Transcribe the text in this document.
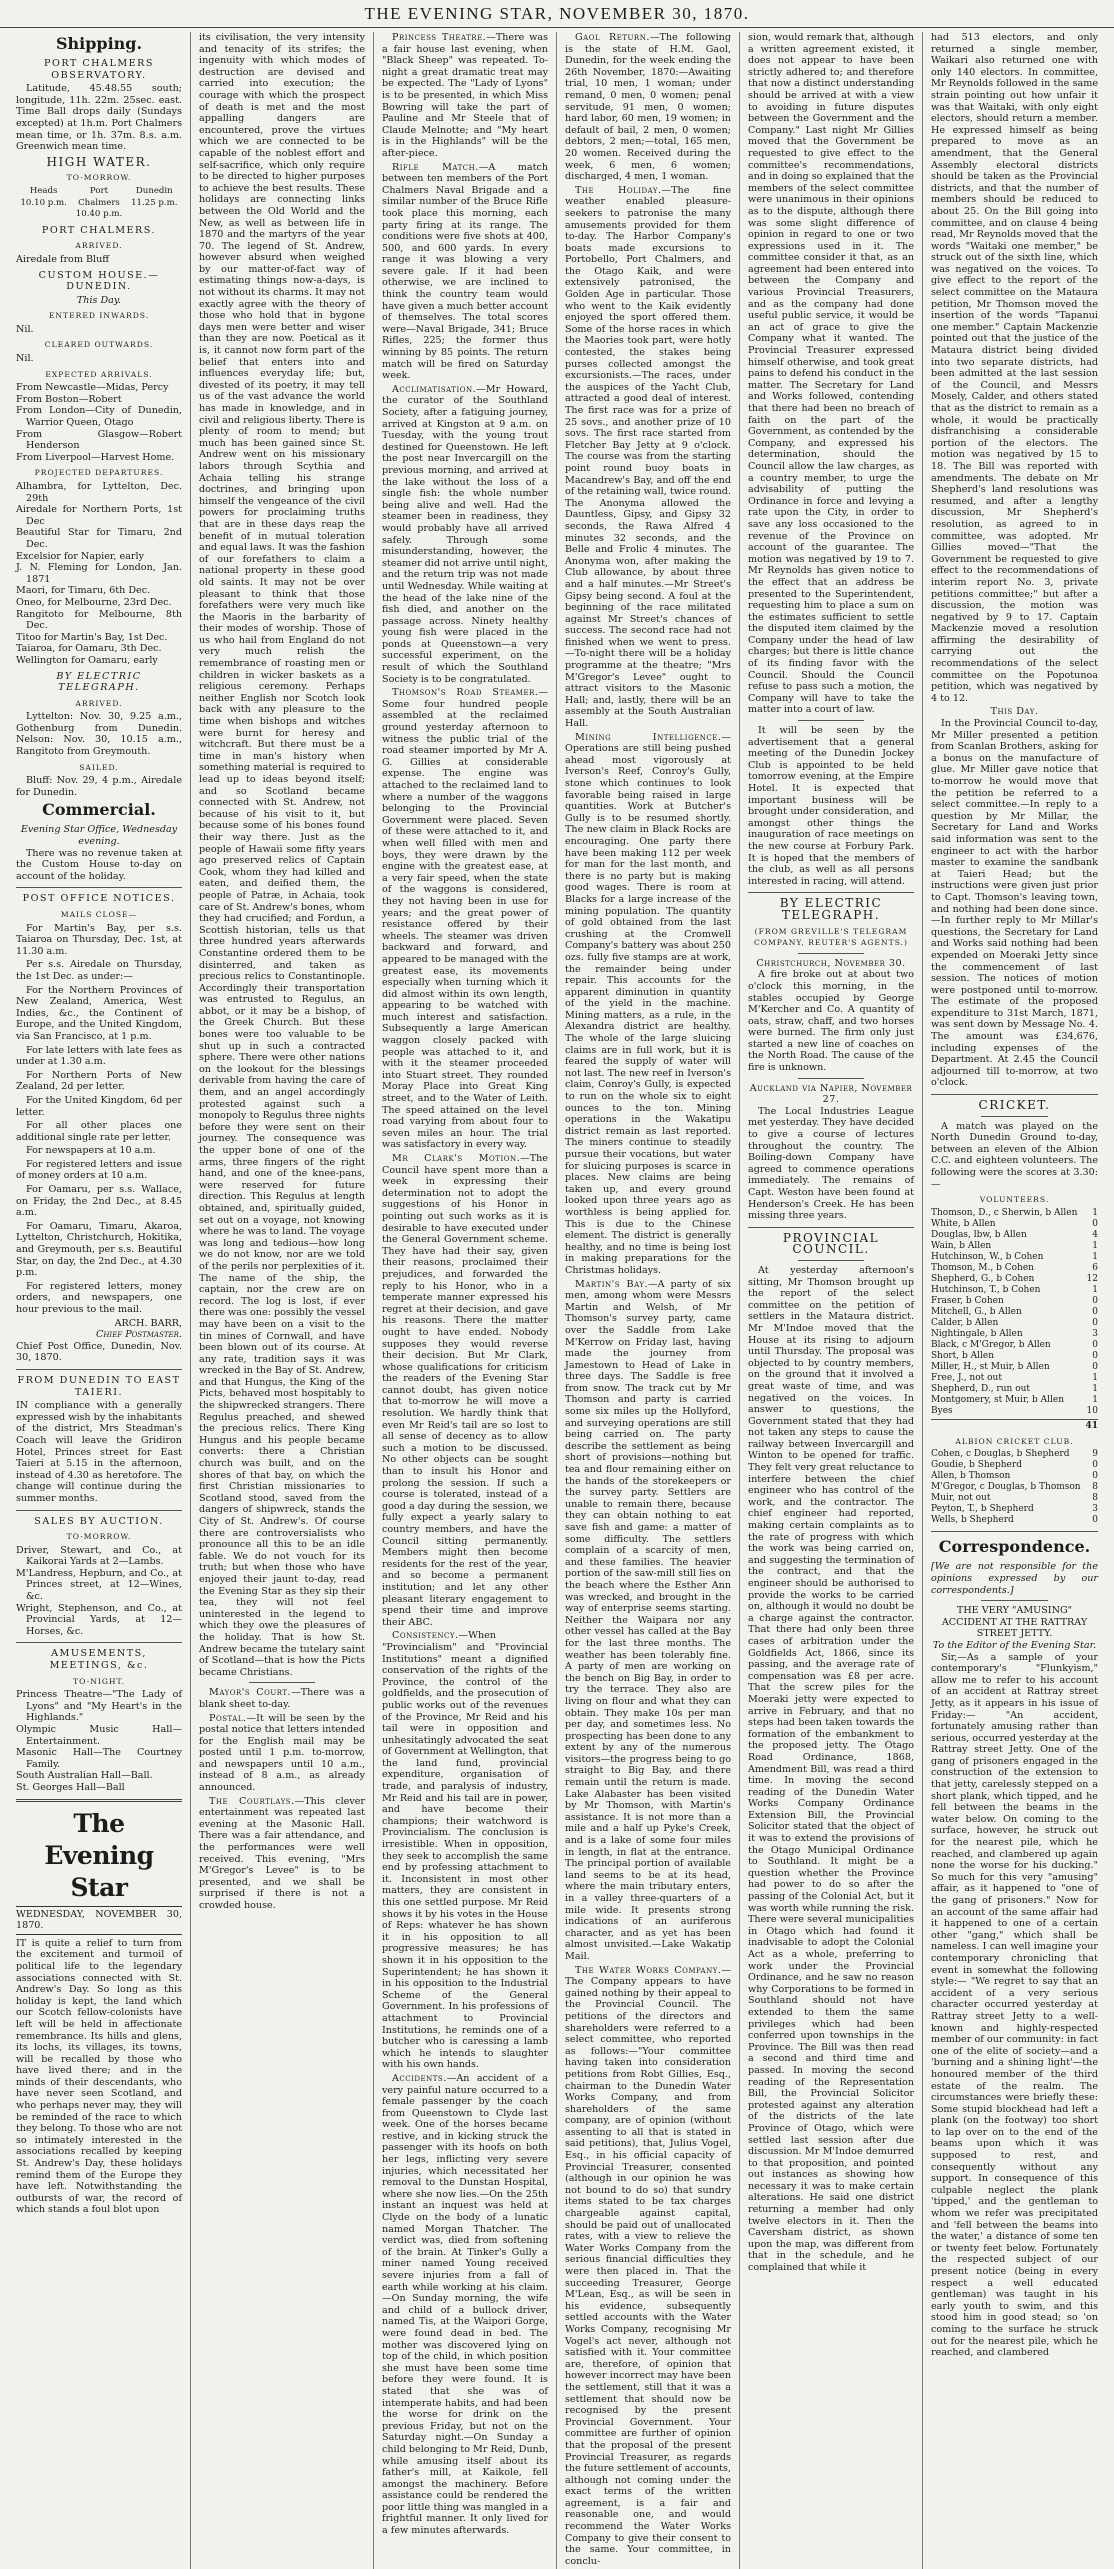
THE EVENING STAR, NOVEMBER 30, 1870.
Shipping.
PORT CHALMERS OBSERVATORY.

Latitude, 45.48.55 south; longitude, 11h. 22m. 25sec. east. Time Ball drops daily (Sundays excepted) at 1h.m. Port Chalmers mean time, or 1h. 37m. 8.s. a.m. Greenwich mean time.

HIGH WATER.
TO-MORROW.
Heads
10.10 p.m.
Port Chalmers
10.40 p.m.
Dunedin
11.25 p.m.
PORT CHALMERS.
ARRIVED.

Airedale from Bluff

CUSTOM HOUSE.—DUNEDIN.
This Day.
ENTERED INWARDS.

Nil.

CLEARED OUTWARDS.

Nil.

EXPECTED ARRIVALS.
From Newcastle—Midas, Percy
From Boston—Robert
From London—City of Dunedin, Warrior Queen, Otago
From Glasgow—Robert Henderson
From Liverpool—Harvest Home.
PROJECTED DEPARTURES.
Alhambra, for Lyttelton, Dec. 29th
Airedale for Northern Ports, 1st Dec
Beautiful Star for Timaru, 2nd Dec.
Excelsior for Napier, early
J. N. Fleming for London, Jan. 1871
Maori, for Timaru, 6th Dec.
Oneo, for Melbourne, 23rd Dec.
Rangitoto for Melbourne, 8th Dec.
Titoo for Martin's Bay, 1st Dec.
Taiaroa, for Oamaru, 3th Dec.
Wellington for Oamaru, early
BY ELECTRIC TELEGRAPH.
ARRIVED.

Lyttelton: Nov. 30, 9.25 a.m., Gothenburg from Dunedin. Nelson: Nov. 30, 10.15 a.m., Rangitoto from Greymouth.

SAILED.

Bluff: Nov. 29, 4 p.m., Airedale for Dunedin.

Commercial.
Evening Star Office, Wednesday evening.

There was no revenue taken at the Custom House to-day on account of the holiday.

POST OFFICE NOTICES.
MAILS CLOSE—

For Martin's Bay, per s.s. Taiaroa on Thursday, Dec. 1st, at 11.30 a.m.

Per s.s. Airedale on Thursday, the 1st Dec. as under:—

For the Northern Provinces of New Zealand, America, West Indies, &c., the Continent of Europe, and the United Kingdom, via San Francisco, at 1 p.m.

For late letters with late fees as under at 1.30 a.m.

For Northern Ports of New Zealand, 2d per letter.

For the United Kingdom, 6d per letter.

For all other places one additional single rate per letter.

For newspapers at 10 a.m.

For registered letters and issue of money orders at 10 a.m.

For Oamaru, per s.s. Wallace, on Friday, the 2nd Dec., at 8.45 a.m.

For Oamaru, Timaru, Akaroa, Lyttelton, Christchurch, Hokitika, and Greymouth, per s.s. Beautiful Star, on day, the 2nd Dec., at 4.30 p.m.

For registered letters, money orders, and newspapers, one hour previous to the mail.

ARCH. BARR,
Chief Postmaster.

Chief Post Office, Dunedin, Nov. 30, 1870.

FROM DUNEDIN TO EAST TAIERI.

IN compliance with a generally expressed wish by the inhabitants of the district, Mrs Steadman's Coach will leave the Gridiron Hotel, Princes street for East Taieri at 5.15 in the afternoon, instead of 4.30 as heretofore. The change will continue during the summer months.

SALES BY AUCTION.
TO-MORROW.
Driver, Stewart, and Co., at Kaikorai Yards at 2—Lambs.
M'Landress, Hepburn, and Co., at Princes street, at 12—Wines, &c.
Wright, Stephenson, and Co., at Provincial Yards, at 12—Horses, &c.
AMUSEMENTS, MEETINGS, &c.
TO-NIGHT.
Princess Theatre—"The Lady of Lyons" and "My Heart's in the Highlands."
Olympic Music Hall—Entertainment.
Masonic Hall—The Courtney Family.
South Australian Hall—Ball.
St. Georges Hall—Ball
The Evening Star
WEDNESDAY, NOVEMBER 30, 1870.

IT is quite a relief to turn from the excitement and turmoil of political life to the legendary associations connected with St. Andrew's Day. So long as this holiday is kept, the land which our Scotch fellow-colonists have left will be held in affectionate remembrance. Its hills and glens, its lochs, its villages, its towns, will be recalled by those who have lived there; and in the minds of their descendants, who have never seen Scotland, and who perhaps never may, they will be reminded of the race to which they belong. To those who are not so intimately interested in the associations recalled by keeping St. Andrew's Day, these holidays remind them of the Europe they have left. Notwithstanding the outbursts of war, the record of which stands a foul blot upon

its civilisation, the very intensity and tenacity of its strifes; the ingenuity with which modes of destruction are devised and carried into execution; the courage with which the prospect of death is met and the most appalling dangers are encountered, prove the virtues which we are connected to be capable of the noblest effort and self-sacrifice, which only require to be directed to higher purposes to achieve the best results. These holidays are connecting links between the Old World and the New, as well as between life in 1870 and the martyrs of the year 70. The legend of St. Andrew, however absurd when weighed by our matter-of-fact way of estimating things now-a-days, is not without its charms. It may not exactly agree with the theory of those who hold that in bygone days men were better and wiser than they are now. Poetical as it is, it cannot now form part of the belief that enters into and influences everyday life; but, divested of its poetry, it may tell us of the vast advance the world has made in knowledge, and in civil and religious liberty. There is plenty of room to mend; but much has been gained since St. Andrew went on his missionary labors through Scythia and Achaia telling his strange doctrines, and bringing upon himself the vengeance of the civil powers for proclaiming truths that are in these days reap the benefit of in mutual toleration and equal laws. It was the fashion of our forefathers to claim a national property in these good old saints. It may not be over pleasant to think that those forefathers were very much like the Maoris in the barbarity of their modes of worship. Those of us who hail from England do not very much relish the remembrance of roasting men or children in wicker baskets as a religious ceremony. Perhaps neither English nor Scotch look back with any pleasure to the time when bishops and witches were burnt for heresy and witchcraft. But there must be a time in man's history when something material is required to lead up to ideas beyond itself; and so Scotland became connected with St. Andrew, not because of his visit to it, but because some of his bones found their way there. Just as the people of Hawaii some fifty years ago preserved relics of Captain Cook, whom they had killed and eaten, and deified them, the people of Patræ, in Achaia, took care of St. Andrew's bones, whom they had crucified; and Fordun, a Scottish historian, tells us that three hundred years afterwards Constantine ordered them to be disinterred, and taken as precious relics to Constantinople. Accordingly their transportation was entrusted to Regulus, an abbot, or it may be a bishop, of the Greek Church. But these bones were too valuable to be shut up in such a contracted sphere. There were other nations on the lookout for the blessings derivable from having the care of them, and an angel accordingly protested against such a monopoly to Regulus three nights before they were sent on their journey. The consequence was the upper bone of one of the arms, three fingers of the right hand, and one of the knee-pans, were reserved for future direction. This Regulus at length obtained, and, spiritually guided, set out on a voyage, not knowing where he was to land. The voyage was long and tedious—how long we do not know, nor are we told of the perils nor perplexities of it. The name of the ship, the captain, nor the crew are on record. The log is lost, if ever there was one: possibly the vessel may have been on a visit to the tin mines of Cornwall, and have been blown out of its course. At any rate, tradition says it was wrecked in the Bay of St. Andrew, and that Hungus, the King of the Picts, behaved most hospitably to the shipwrecked strangers. There Regulus preached, and shewed the precious relics. There King Hungus and his people became converts: there a Christian church was built, and on the shores of that bay, on which the first Christian missionaries to Scotland stood, saved from the dangers of shipwreck, stands the City of St. Andrew's. Of course there are controversialists who pronounce all this to be an idle fable. We do not vouch for its truth; but when those who have enjoyed their jaunt to-day, read the Evening Star as they sip their tea, they will not feel uninterested in the legend to which they owe the pleasures of the holiday. That is how St. Andrew became the tutelary saint of Scotland—that is how the Picts became Christians.

Mayor's Court.—There was a blank sheet to-day.

Postal.—It will be seen by the postal notice that letters intended for the English mail may be posted until 1 p.m. to-morrow, and newspapers until 10 a.m., instead of 8 a.m., as already announced.

The Courtlays.—This clever entertainment was repeated last evening at the Masonic Hall. There was a fair attendance, and the performances were well received. This evening, "Mrs M'Gregor's Levee" is to be presented, and we shall be surprised if there is not a crowded house.

Princess Theatre.—There was a fair house last evening, when "Black Sheep" was repeated. To-night a great dramatic treat may be expected. The "Lady of Lyons" is to be presented, in which Miss Bowring will take the part of Pauline and Mr Steele that of Claude Melnotte; and "My heart is in the Highlands" will be the after-piece.

Rifle Match.—A match between ten members of the Port Chalmers Naval Brigade and a similar number of the Bruce Rifle took place this morning, each party firing at its range. The conditions were five shots at 400, 500, and 600 yards. In every range it was blowing a very severe gale. If it had been otherwise, we are inclined to think the country team would have given a much better account of themselves. The total scores were—Naval Brigade, 341; Bruce Rifles, 225; the former thus winning by 85 points. The return match will be fired on Saturday week.

Acclimatisation.—Mr Howard, the curator of the Southland Society, after a fatiguing journey, arrived at Kingston at 9 a.m. on Tuesday, with the young trout destined for Queenstown. He left the post near Invercargill on the previous morning, and arrived at the lake without the loss of a single fish: the whole number being alive and well. Had the steamer been in readiness, they would probably have all arrived safely. Through some misunderstanding, however, the steamer did not arrive until night, and the return trip was not made until Wednesday. While waiting at the head of the lake nine of the fish died, and another on the passage across. Ninety healthy young fish were placed in the ponds at Queenstown—a very successful experiment, on the result of which the Southland Society is to be congratulated.

Thomson's Road Steamer.—Some four hundred people assembled at the reclaimed ground yesterday afternoon to witness the public trial of the road steamer imported by Mr A. G. Gillies at considerable expense. The engine was attached to the reclaimed land to where a number of the waggons belonging to the Provincial Government were placed. Seven of these were attached to it, and when well filled with men and boys, they were drawn by the engine with the greatest ease, at a very fair speed, when the state of the waggons is considered, they not having been in use for years; and the great power of resistance offered by their wheels. The steamer was driven backward and forward, and appeared to be managed with the greatest ease, its movements especially when turning which it did almost within its own length, appearing to be watched with much interest and satisfaction. Subsequently a large American waggon closely packed with people was attached to it, and with it the steamer proceeded into Stuart street. They rounded Moray Place into Great King street, and to the Water of Leith. The speed attained on the level road varying from about four to seven miles an hour. The trial was satisfactory in every way.

Mr Clark's Motion.—The Council have spent more than a week in expressing their determination not to adopt the suggestions of his Honor in pointing out such works as it is desirable to have executed under the General Government scheme. They have had their say, given their reasons, proclaimed their prejudices, and forwarded the reply to his Honor, who in a temperate manner expressed his regret at their decision, and gave his reasons. There the matter ought to have ended. Nobody supposes they would reverse their decision. But Mr Clark, whose qualifications for criticism the readers of the Evening Star cannot doubt, has given notice that to-morrow he will move a resolution. We hardly think that even Mr Reid's tail are so lost to all sense of decency as to allow such a motion to be discussed. No other objects can be sought than to insult his Honor and prolong the session. If such a course is tolerated, instead of a good a day during the session, we fully expect a yearly salary to country members, and have the Council sitting permanently. Members might then become residents for the rest of the year, and so become a permanent institution; and let any other pleasant literary engagement to spend their time and improve their ABC.

Consistency.—When "Provincialism" and "Provincial Institutions" meant a dignified conservation of the rights of the Province, the control of the goldfields, and the prosecution of public works out of the revenues of the Province, Mr Reid and his tail were in opposition and unhesitatingly advocated the seat of Government at Wellington, that the land fund, provincial expenditure, organisation of trade, and paralysis of industry, Mr Reid and his tail are in power, and have become their champions; their watchword is Provincialism. The conclusion is irresistible. When in opposition, they seek to accomplish the same end by professing attachment to it. Inconsistent in most other matters, they are consistent in this one settled purpose. Mr Reid shows it by his votes in the House of Reps: whatever he has shown it in his opposition to all progressive measures; he has shown it in his opposition to the Superintendent; he has shown it in his opposition to the Industrial Scheme of the General Government. In his professions of attachment to Provincial Institutions, he reminds one of a butcher who is caressing a lamb which he intends to slaughter with his own hands.

Accidents.—An accident of a very painful nature occurred to a female passenger by the coach from Queenstown to Clyde last week. One of the horses became restive, and in kicking struck the passenger with its hoofs on both her legs, inflicting very severe injuries, which necessitated her removal to the Dunstan Hospital, where she now lies.—On the 25th instant an inquest was held at Clyde on the body of a lunatic named Morgan Thatcher. The verdict was, died from softening of the brain. At Tinker's Gully a miner named Young received severe injuries from a fall of earth while working at his claim.—On Sunday morning, the wife and child of a bullock driver, named Tis, at the Waipori Gorge, were found dead in bed. The mother was discovered lying on top of the child, in which position she must have been some time before they were found. It is stated that she was of intemperate habits, and had been the worse for drink on the previous Friday, but not on the Saturday night.—On Sunday a child belonging to Mr Reid, Dunb, while amusing itself about its father's mill, at Kaikole, fell amongst the machinery. Before assistance could be rendered the poor little thing was mangled in a frightful manner. It only lived for a few minutes afterwards.

Gaol Return.—The following is the state of H.M. Gaol, Dunedin, for the week ending the 26th November, 1870:—Awaiting trial, 10 men, 1 woman; under remand, 0 men, 0 women; penal servitude, 91 men, 0 women; hard labor, 60 men, 19 women; in default of bail, 2 men, 0 women; debtors, 2 men;—total, 165 men, 20 women. Received during the week, 6 men, 6 women; discharged, 4 men, 1 woman.

The Holiday.—The fine weather enabled pleasure-seekers to patronise the many amusements provided for them to-day. The Harbor Company's boats made excursions to Portobello, Port Chalmers, and the Otago Kaik, and were extensively patronised, the Golden Age in particular. Those who went to the Kaik evidently enjoyed the sport offered them. Some of the horse races in which the Maories took part, were hotly contested, the stakes being purses collected amongst the excursionists.—The races, under the auspices of the Yacht Club, attracted a good deal of interest. The first race was for a prize of 25 sovs., and another prize of 10 sovs. The first race started from Fletcher Bay Jetty at 9 o'clock. The course was from the starting point round buoy boats in Macandrew's Bay, and off the end of the retaining wall, twice round. The Anonyma allowed the Dauntless, Gipsy, and Gipsy 32 seconds, the Rawa Alfred 4 minutes 32 seconds, and the Belle and Frolic 4 minutes. The Anonyma won, after making the Club allowance, by about three and a half minutes.—Mr Street's Gipsy being second. A foul at the beginning of the race militated against Mr Street's chances of success. The second race had not finished when we went to press.—To-night there will be a holiday programme at the theatre; "Mrs M'Gregor's Levee" ought to attract visitors to the Masonic Hall; and, lastly, there will be an assembly at the South Australian Hall.

Mining Intelligence.—Operations are still being pushed ahead most vigorously at Iverson's Reef, Conroy's Gully, stone which continues to look favorable being raised in large quantities. Work at Butcher's Gully is to be resumed shortly. The new claim in Black Rocks are encouraging. One party there have been making 112 per week for man for the last month, and there is no party but is making good wages. There is room at Blacks for a large increase of the mining population. The quantity of gold obtained from the last crushing at the Cromwell Company's battery was about 250 ozs. fully five stamps are at work, the remainder being under repair. This accounts for the apparent diminution in quantity of the yield in the machine. Mining matters, as a rule, in the Alexandra district are healthy. The whole of the large sluicing claims are in full work, but it is feared the supply of water will not last. The new reef in Iverson's claim, Conroy's Gully, is expected to run on the whole six to eight ounces to the ton. Mining operations in the Wakatipu district remain as last reported. The miners continue to steadily pursue their vocations, but water for sluicing purposes is scarce in places. New claims are being taken up, and every ground looked upon three years ago as worthless is being applied for. This is due to the Chinese element. The district is generally healthy, and no time is being lost in making preparations for the Christmas holidays.

Martin's Bay.—A party of six men, among whom were Messrs Martin and Welsh, of Mr Thomson's survey party, came over the Saddle from Lake M'Kerrow on Friday last, having made the journey from Jamestown to Head of Lake in three days. The Saddle is free from snow. The track cut by Mr Thomson and party is carried some six miles up the Hollyford, and surveying operations are still being carried on. The party describe the settlement as being short of provisions—nothing but tea and flour remaining either on the hands of the storekeepers or the survey party. Settlers are unable to remain there, because they can obtain nothing to eat save fish and game: a matter of some difficulty. The settlers complain of a scarcity of men, and these families. The heavier portion of the saw-mill still lies on the beach where the Esther Ann was wrecked, and brought in the way of enterprise seems starting. Neither the Waipara nor any other vessel has called at the Bay for the last three months. The weather has been tolerably fine. A party of men are working on the bench on Big Bay, in order to try the terrace. They also are living on flour and what they can obtain. They make 10s per man per day, and sometimes less. No prospecting has been done to any extent by any of the numerous visitors—the progress being to go straight to Big Bay, and there remain until the return is made. Lake Alabaster has been visited by Mr Thomson, with Martin's assistance. It is not more than a mile and a half up Pyke's Creek, and is a lake of some four miles in length, in flat at the entrance. The principal portion of available land seems to be at its head, where the main tributary enters, in a valley three-quarters of a mile wide. It presents strong indications of an auriferous character, and as yet has been almost unvisited.—Lake Wakatip Mail.

The Water Works Company.—The Company appears to have gained nothing by their appeal to the Provincial Council. The petitions of the directors and shareholders were referred to a select committee, who reported as follows:—"Your committee having taken into consideration petitions from Robt Gillies, Esq., chairman to the Dunedin Water Works Company, and from shareholders of the same company, are of opinion (without assenting to all that is stated in said petitions), that, Julius Vogel, Esq., in his official capacity of Provincial Treasurer, consented (although in our opinion he was not bound to do so) that sundry items stated to be tax charges chargeable against capital, should be paid out of unallocated rates, with a view to relieve the Water Works Company from the serious financial difficulties they were then placed in. That the succeeding Treasurer, George M'Lean, Esq., as will be seen in his evidence, subsequently settled accounts with the Water Works Company, recognising Mr Vogel's act never, although not satisfied with it. Your committee are, therefore, of opinion that however incorrect may have been the settlement, still that it was a settlement that should now be recognised by the present Provincial Government. Your committee are further of opinion that the proposal of the present Provincial Treasurer, as regards the future settlement of accounts, although not coming under the exact terms of the written agreement, is a fair and reasonable one, and would recommend the Water Works Company to give their consent to the same. Your committee, in conclu-

sion, would remark that, although a written agreement existed, it does not appear to have been strictly adhered to; and therefore that now a distinct understanding should be arrived at with a view to avoiding in future disputes between the Government and the Company." Last night Mr Gillies moved that the Government be requested to give effect to the committee's recommendations, and in doing so explained that the members of the select committee were unanimous in their opinions as to the dispute, although there was some slight difference of opinion in regard to one or two expressions used in it. The committee consider it that, as an agreement had been entered into between the Company and various Provincial Treasurers, and as the company had done useful public service, it would be an act of grace to give the Company what it wanted. The Provincial Treasurer expressed himself otherwise, and took great pains to defend his conduct in the matter. The Secretary for Land and Works followed, contending that there had been no breach of faith on the part of the Government, as contended by the Company, and expressed his determination, should the Council allow the law charges, as a country member, to urge the advisability of putting the Ordinance in force and levying a rate upon the City, in order to save any loss occasioned to the revenue of the Province on account of the guarantee. The motion was negatived by 19 to 7. Mr Reynolds has given notice to the effect that an address be presented to the Superintendent, requesting him to place a sum on the estimates sufficient to settle the disputed item claimed by the Company under the head of law charges; but there is little chance of its finding favor with the Council. Should the Council refuse to pass such a motion, the Company will have to take the matter into a court of law.

It will be seen by the advertisement that a general meeting of the Dunedin Jockey Club is appointed to be held tomorrow evening, at the Empire Hotel. It is expected that important business will be brought under consideration, and amongst other things the inauguration of race meetings on the new course at Forbury Park. It is hoped that the members of the club, as well as all persons interested in racing, will attend.

BY ELECTRIC TELEGRAPH.
(FROM GREVILLE'S TELEGRAM COMPANY, REUTER'S AGENTS.)
Christchurch, November 30.

A fire broke out at about two o'clock this morning, in the stables occupied by George M'Kercher and Co. A quantity of oats, straw, chaff, and two horses were burned. The firm only just started a new line of coaches on the North Road. The cause of the fire is unknown.

Auckland via Napier, November 27.

The Local Industries League met yesterday. They have decided to give a course of lectures throughout the country. The Boiling-down Company have agreed to commence operations immediately. The remains of Capt. Weston have been found at Henderson's Creek. He has been missing three years.

PROVINCIAL COUNCIL.

At yesterday afternoon's sitting, Mr Thomson brought up the report of the select committee on the petition of settlers in the Mataura district. Mr M'Indoe moved that the House at its rising to adjourn until Thursday. The proposal was objected to by country members, on the ground that it involved a great waste of time, and was negatived on the voices. In answer to questions, the Government stated that they had not taken any steps to cause the railway between Invercargill and Winton to be opened for traffic. They felt very great reluctance to interfere between the chief engineer who has control of the work, and the contractor. The chief engineer had reported, making certain complaints as to the rate of progress with which the work was being carried on, and suggesting the termination of the contract, and that the engineer should be authorised to provide the works to be carried on, although it would no doubt be a charge against the contractor. That there had only been three cases of arbitration under the Goldfields Act, 1866, since its passing, and the average rate of compensation was £8 per acre. That the screw piles for the Moeraki jetty were expected to arrive in February, and that no steps had been taken towards the formation of the embankment to the proposed jetty. The Otago Road Ordinance, 1868, Amendment Bill, was read a third time. In moving the second reading of the Dunedin Water Works Company Ordinance Extension Bill, the Provincial Solicitor stated that the object of it was to extend the provisions of the Otago Municipal Ordinance to Southland. It might be a question whether the Province had power to do so after the passing of the Colonial Act, but it was worth while running the risk. There were several municipalities in Otago which had found it inadvisable to adopt the Colonial Act as a whole, preferring to work under the Provincial Ordinance, and he saw no reason why Corporations to be formed in Southland should not have extended to them the same privileges which had been conferred upon townships in the Province. The Bill was then read a second and third time and passed. In moving the second reading of the Representation Bill, the Provincial Solicitor protested against any alteration of the districts of the late Province of Otago, which were settled last session after due discussion. Mr M'Indoe demurred to that proposition, and pointed out instances as showing how necessary it was to make certain alterations. He said one district returning a member had only twelve electors in it. Then the Caversham district, as shown upon the map, was different from that in the schedule, and he complained that while it

had 513 electors, and only returned a single member, Waikari also returned one with only 140 electors. In committee, Mr Reynolds followed in the same strain pointing out how unfair it was that Waitaki, with only eight electors, should return a member. He expressed himself as being prepared to move as an amendment, that the General Assembly electoral districts should be taken as the Provincial districts, and that the number of members should be reduced to about 25. On the Bill going into committee, and on clause 4 being read, Mr Reynolds moved that the words "Waitaki one member," be struck out of the sixth line, which was negatived on the voices. To give effect to the report of the select committee on the Mataura petition, Mr Thomson moved the insertion of the words "Tapanui one member." Captain Mackenzie pointed out that the justice of the Mataura district being divided into two separate districts, had been admitted at the last session of the Council, and Messrs Mosely, Calder, and others stated that as the district to remain as a whole, it would be practically disfranchising a considerable portion of the electors. The motion was negatived by 15 to 18. The Bill was reported with amendments. The debate on Mr Shepherd's land resolutions was resumed, and after a lengthy discussion, Mr Shepherd's resolution, as agreed to in committee, was adopted. Mr Gillies moved—"That the Government be requested to give effect to the recommendations of interim report No. 3, private petitions committee;" but after a discussion, the motion was negatived by 9 to 17. Captain Mackenzie moved a resolution affirming the desirability of carrying out the recommendations of the select committee on the Popotunoa petition, which was negatived by 4 to 12.

This Day.

In the Provincial Council to-day, Mr Miller presented a petition from Scanlan Brothers, asking for a bonus on the manufacture of glue. Mr Miller gave notice that to-morrow he would move that the petition be referred to a select committee.—In reply to a question by Mr Millar, the Secretary for Land and Works said information was sent to the engineer to act with the harbor master to examine the sandbank at Taieri Head; but the instructions were given just prior to Capt. Thomson's leaving town, and nothing had been done since.—In further reply to Mr Millar's questions, the Secretary for Land and Works said nothing had been expended on Moeraki Jetty since the commencement of last session. The notices of motion were postponed until to-morrow. The estimate of the proposed expenditure to 31st March, 1871, was sent down by Message No. 4. The amount was £34,676, including expenses of the Department. At 2.45 the Council adjourned till to-morrow, at two o'clock.

CRICKET.

A match was played on the North Dunedin Ground to-day, between an eleven of the Albion C.C. and eighteen volunteers. The following were the scores at 3.30:—

VOLUNTEERS.
Thomson, D., c Sherwin, b Allen	1
White, b Allen	0
Douglas, lbw, b Allen	4
Wain, b Allen	1
Hutchinson, W., b Cohen	1
Thomson, M., b Cohen	6
Shepherd, G., b Cohen	12
Hutchinson, T., b Cohen	1
Fraser, b Cohen	0
Mitchell, G., b Allen	0
Calder, b Allen	0
Nightingale, b Allen	3
Black, c M'Gregor, b Allen	0
Short, b Allen	0
Miller, H., st Muir, b Allen	0
Free, J., not out	1
Shepherd, D., run out	1
Montgomery, st Muir, b Allen	1
Byes	10
41
ALBION CRICKET CLUB.
Cohen, c Douglas, b Shepherd	9
Goudie, b Shepherd	0
Allen, b Thomson	0
M'Gregor, c Douglas, b Thomson	8
Muir, not out	8
Peyton, T., b Shepherd	3
Wells, b Shepherd	0
Correspondence.

[We are not responsible for the opinions expressed by our correspondents.]

THE VERY "AMUSING" ACCIDENT AT THE RATTRAY STREET JETTY.
To the Editor of the Evening Star.

Sir,—As a sample of your contemporary's "Flunkyism," allow me to refer to his account of an accident at Rattray street Jetty, as it appears in his issue of Friday:— "An accident, fortunately amusing rather than serious, occurred yesterday at the Rattray street Jetty. One of the gang of prisoners engaged in the construction of the extension to that jetty, carelessly stepped on a short plank, which tipped, and he fell between the beams in the water below. On coming to the surface, however, he struck out for the nearest pile, which he reached, and clambered up again none the worse for his ducking." So much for this very "amusing" affair, as it happened to "one of the gang of prisoners." Now for an account of the same affair had it happened to one of a certain other "gang," which shall be nameless. I can well imagine your contemporary chronicling that event in somewhat the following style:— "We regret to say that an accident of a very serious character occurred yesterday at Rattray street Jetty to a well-known and highly-respected member of our community: in fact one of the elite of society—and a 'burning and a shining light'—the honoured member of the third estate of the realm. The circumstances were briefly these: Some stupid blockhead had left a plank (on the footway) too short to lap over on to the end of the beams upon which it was supposed to rest, and consequently without any support. In consequence of this culpable neglect the plank 'tipped,' and the gentleman to whom we refer was precipitated and 'fell between the beams into the water,' a distance of some ten or twenty feet below. Fortunately the respected subject of our present notice (being in every respect a well educated gentleman) was taught in his early youth to swim, and this stood him in good stead; so 'on coming to the surface he struck out for the nearest pile, which he reached, and clambered
